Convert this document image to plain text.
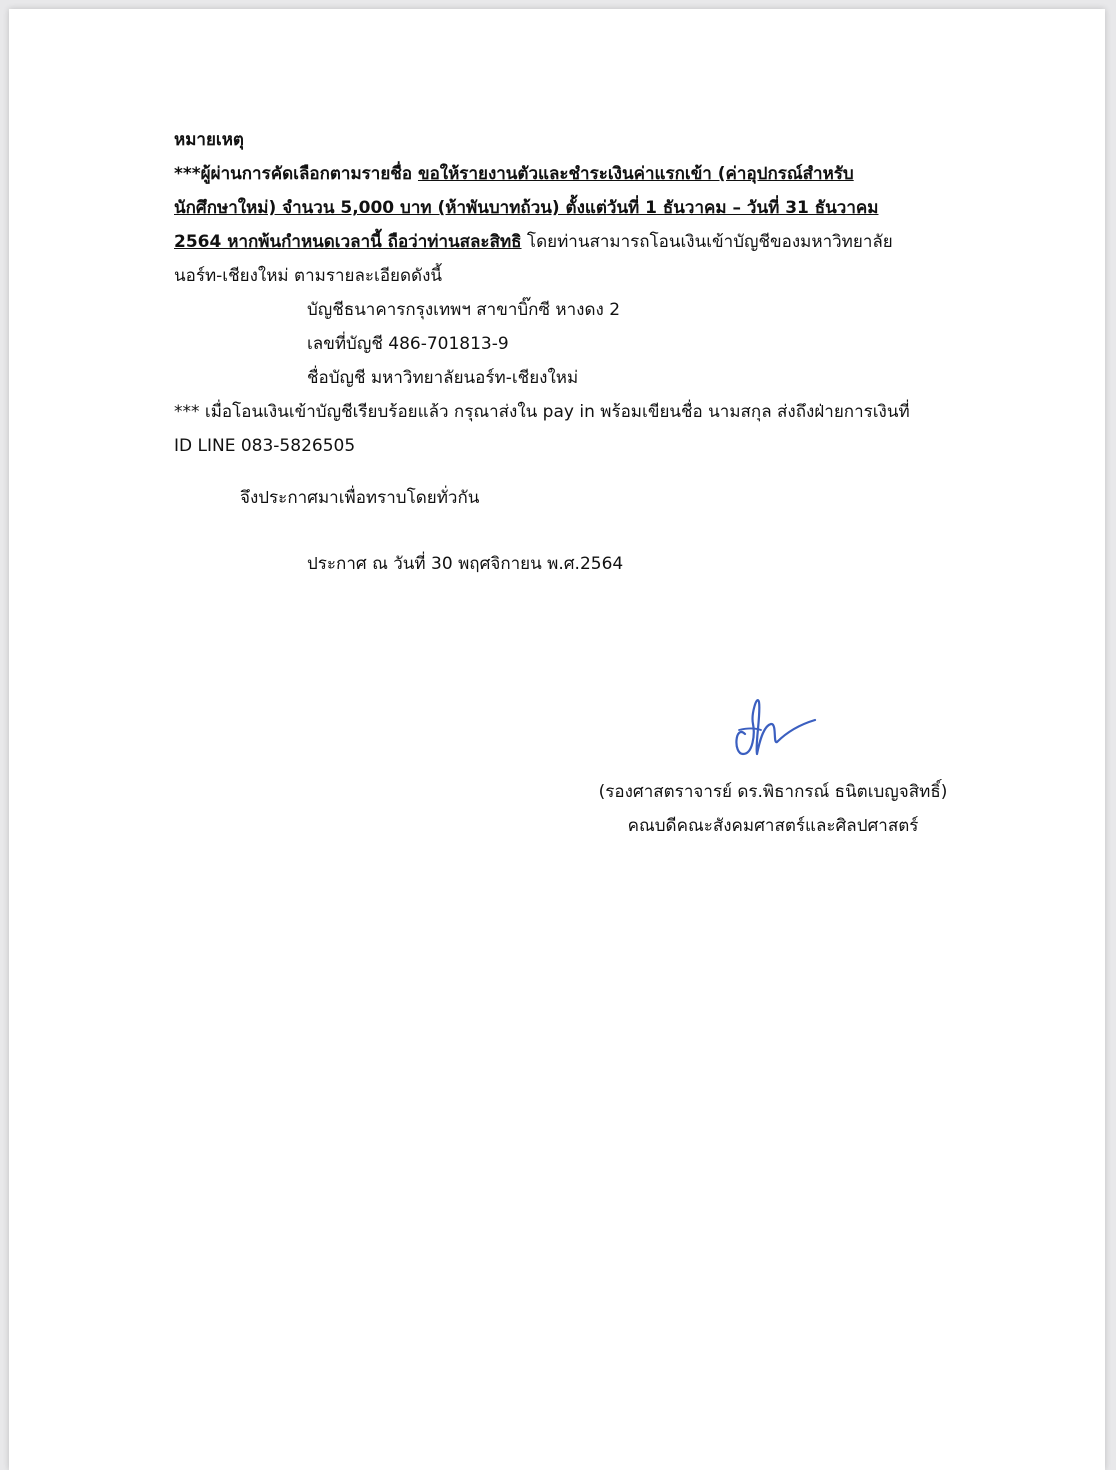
หมายเหตุ
***ผู้ผ่านการคัดเลือกตามรายชื่อ ขอให้รายงานตัวและชำระเงินค่าแรกเข้า (ค่าอุปกรณ์สำหรับ
นักศึกษาใหม่) จำนวน 5,000 บาท (ห้าพันบาทถ้วน) ตั้งแต่วันที่ 1 ธันวาคม – วันที่ 31 ธันวาคม
2564 หากพ้นกำหนดเวลานี้ ถือว่าท่านสละสิทธิ โดยท่านสามารถโอนเงินเข้าบัญชีของมหาวิทยาลัย
นอร์ท-เชียงใหม่ ตามรายละเอียดดังนี้
บัญชีธนาคารกรุงเทพฯ สาขาบิ๊กซี หางดง 2
เลขที่บัญชี 486-701813-9
ชื่อบัญชี มหาวิทยาลัยนอร์ท-เชียงใหม่
*** เมื่อโอนเงินเข้าบัญชีเรียบร้อยแล้ว กรุณาส่งใน pay in พร้อมเขียนชื่อ นามสกุล ส่งถึงฝ่ายการเงินที่
ID LINE 083-5826505
จึงประกาศมาเพื่อทราบโดยทั่วกัน
ประกาศ ณ วันที่ 30 พฤศจิกายน พ.ศ.2564
(รองศาสตราจารย์ ดร.พิธากรณ์ ธนิตเบญจสิทธิ์)
คณบดีคณะสังคมศาสตร์และศิลปศาสตร์
